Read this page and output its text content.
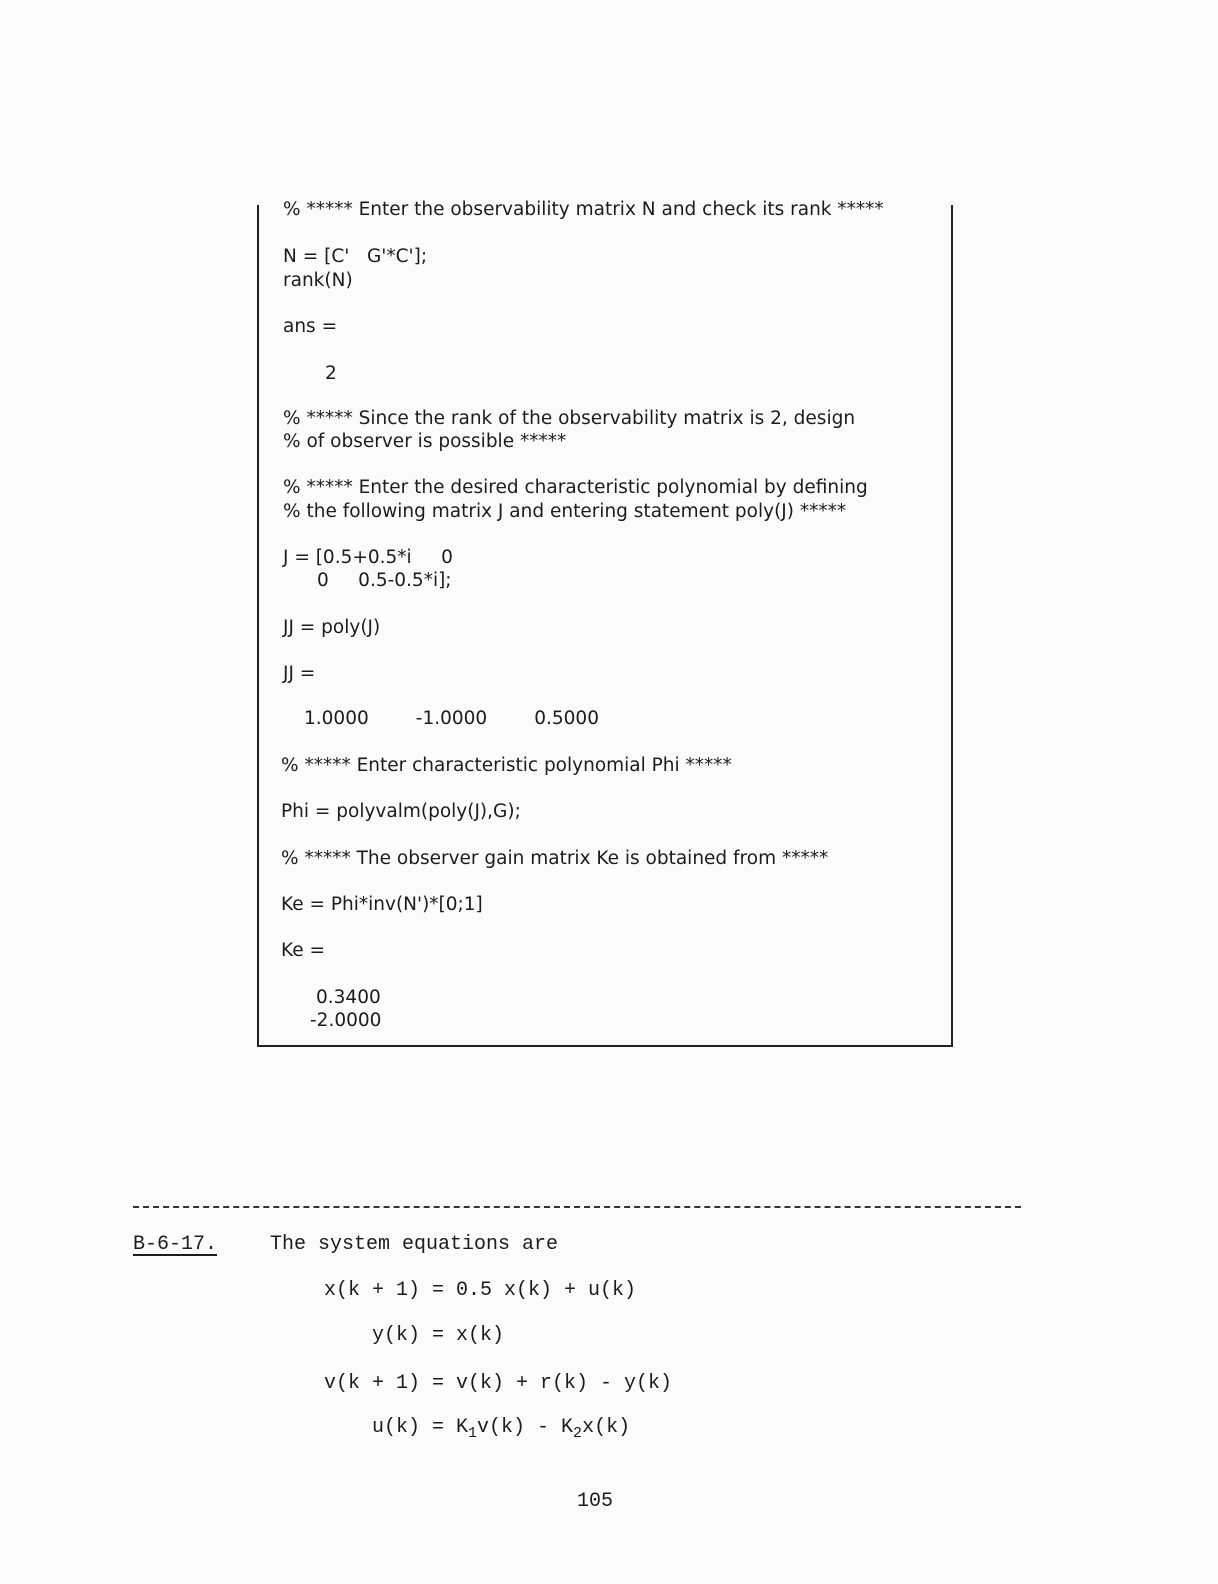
% ***** Enter the observability matrix N and check its rank *****
N = [C'   G'*C'];
rank(N)
ans =
2
% ***** Since the rank of the observability matrix is 2, design
% of observer is possible *****
% ***** Enter the desired characteristic polynomial by defining
% the following matrix J and entering statement poly(J) *****
J = [0.5+0.5*i     0
0     0.5-0.5*i];
JJ = poly(J)
JJ =
1.0000        -1.0000        0.5000
% ***** Enter characteristic polynomial Phi *****
Phi = polyvalm(poly(J),G);
% ***** The observer gain matrix Ke is obtained from *****
Ke = Phi*inv(N')*[0;1]
Ke =
0.3400
-2.0000
B-6-17.	The system equations are
x(k + 1) = 0.5 x(k) + u(k)
y(k) = x(k)
v(k + 1) = v(k) + r(k) - y(k)
$u(k) = K_1v(k) - K_2x(k)$
105
